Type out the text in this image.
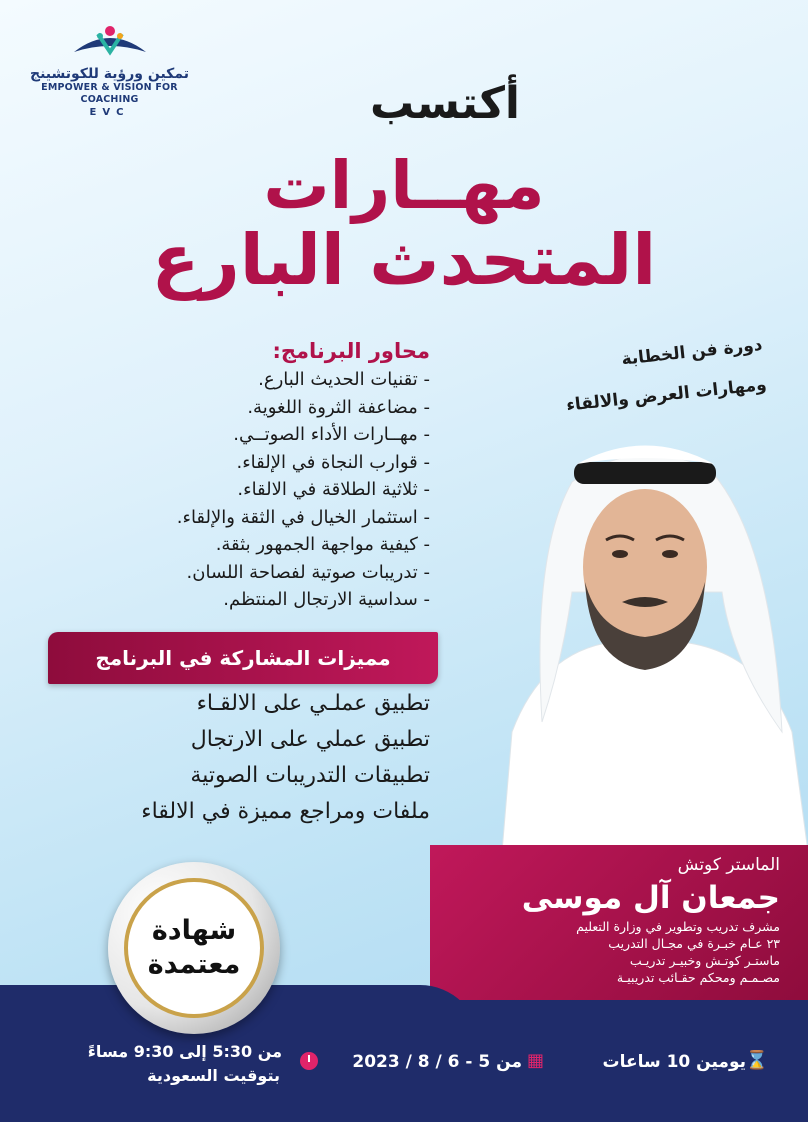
تمكين ورؤية للكوتشينج
EMPOWER & VISION FOR COACHING
EVC	أكتسب
مهــارات
المتحدث البارع
دورة فن الخطابة
ومهارات العرض والالقاء
محاور البرنامج:
- تقنيات الحديث البارع.
- مضاعفة الثروة اللغوية.
- مهــارات الأداء الصوتــي.
- قوارب النجاة في الإلقاء.
- ثلاثية الطلاقة في الالقاء.
- استثمار الخيال في الثقة والإلقاء.
- كيفية مواجهة الجمهور بثقة.
- تدريبات صوتية لفصاحة اللسان.
- سداسية الارتجال المنتظم.
مميزات المشاركة في البرنامج
تطبيق عملـي على الالقـاء
تطبيق عملي على الارتجال
تطبيقات التدريبات الصوتية
ملفات ومراجع مميزة في الالقاء
الماستر كوتش
جمعان آل موسى
مشرف تدريب وتطوير في وزارة التعليم
٢٣ عـام خبـرة في مجـال التدريب
ماستـر كوتـش وخبيـر تدريـب
مصـمـم ومحكم حقـائب تدريبيـة
شهادة
معتمدة
⌛
يومين 10 ساعات
▦
من 5 - 6 / 8 / 2023
من 5:30 إلى 9:30 مساءً
بتوقيت السعودية
